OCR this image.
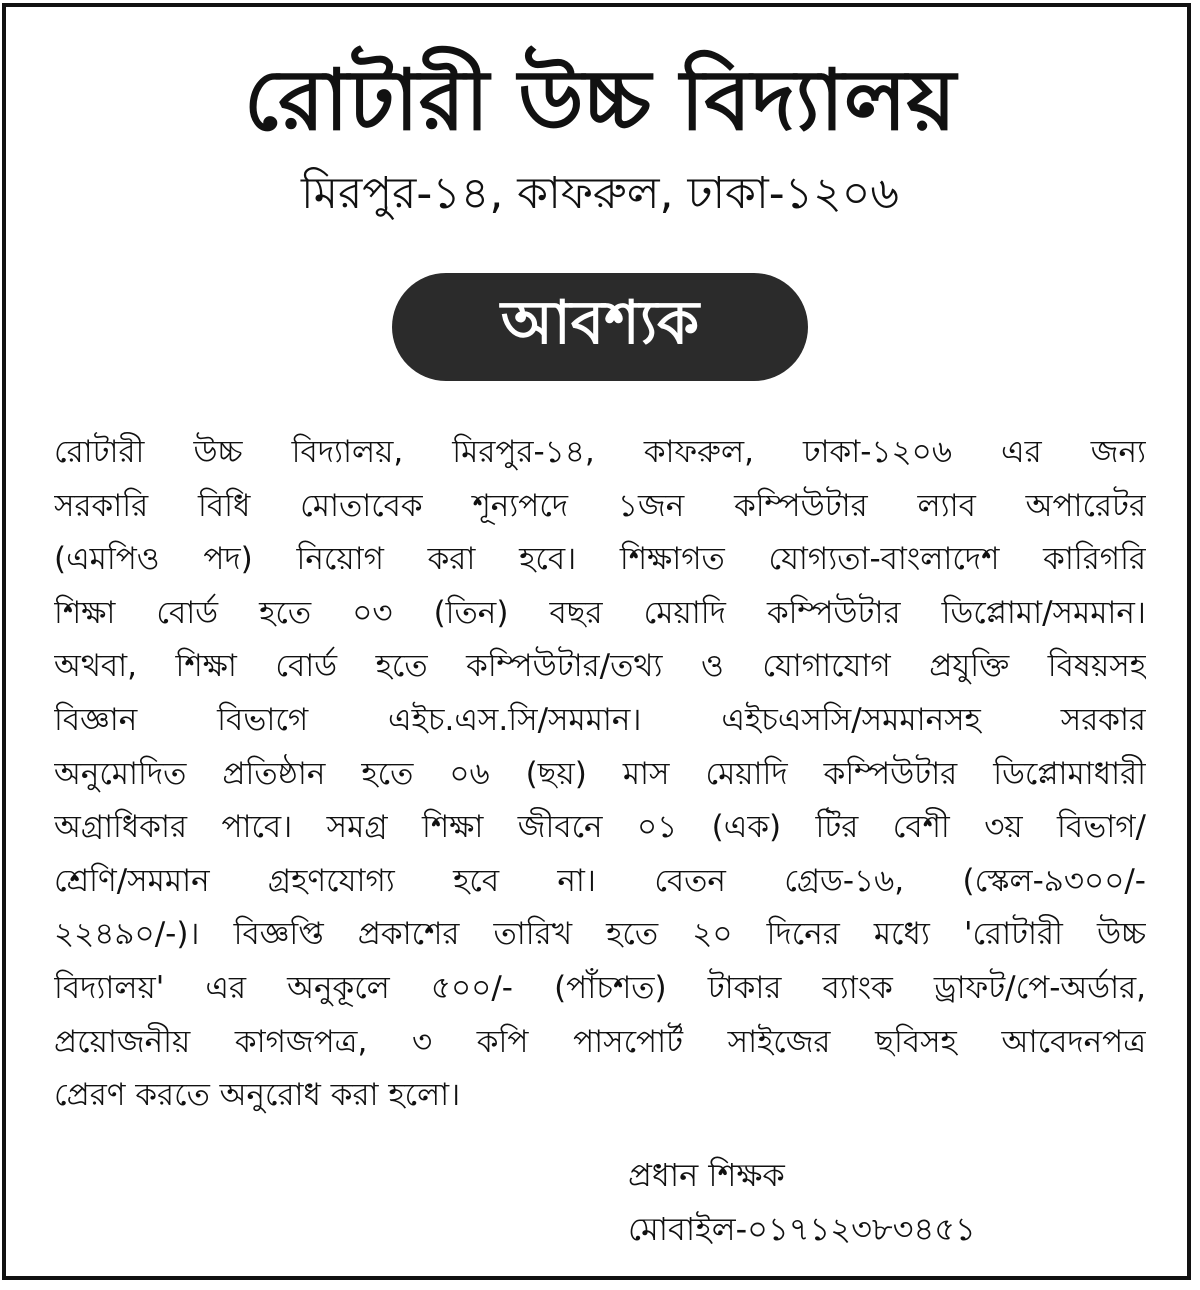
রোটারী উচ্চ বিদ্যালয়
মিরপুর-১৪, কাফরুল, ঢাকা-১২০৬
আবশ্যক
রোটারী উচ্চ বিদ্যালয়, মিরপুর-১৪, কাফরুল, ঢাকা-১২০৬ এর জন্য
সরকারি বিধি মোতাবেক শূন্যপদে ১জন কম্পিউটার ল্যাব অপারেটর
(এমপিও পদ) নিয়োগ করা হবে। শিক্ষাগত যোগ্যতা-বাংলাদেশ কারিগরি
শিক্ষা বোর্ড হতে ০৩ (তিন) বছর মেয়াদি কম্পিউটার ডিপ্লোমা/সমমান।
অথবা, শিক্ষা বোর্ড হতে কম্পিউটার/তথ্য ও যোগাযোগ প্রযুক্তি বিষয়সহ
বিজ্ঞান বিভাগে এইচ.এস.সি/সমমান। এইচএসসি/সমমানসহ সরকার
অনুমোদিত প্রতিষ্ঠান হতে ০৬ (ছয়) মাস মেয়াদি কম্পিউটার ডিপ্লোমাধারী
অগ্রাধিকার পাবে। সমগ্র শিক্ষা জীবনে ০১ (এক) টির বেশী ৩য় বিভাগ/
শ্রেণি/সমমান গ্রহণযোগ্য হবে না। বেতন গ্রেড-১৬, (স্কেল-৯৩০০/-
২২৪৯০/-)। বিজ্ঞপ্তি প্রকাশের তারিখ হতে ২০ দিনের মধ্যে 'রোটারী উচ্চ
বিদ্যালয়' এর অনুকূলে ৫০০/- (পাঁচশত) টাকার ব্যাংক ড্রাফট/পে-অর্ডার,
প্রয়োজনীয় কাগজপত্র, ৩ কপি পাসপোর্ট সাইজের ছবিসহ আবেদনপত্র
প্রেরণ করতে অনুরোধ করা হলো।
প্রধান শিক্ষক
মোবাইল-০১৭১২৩৮৩৪৫১
